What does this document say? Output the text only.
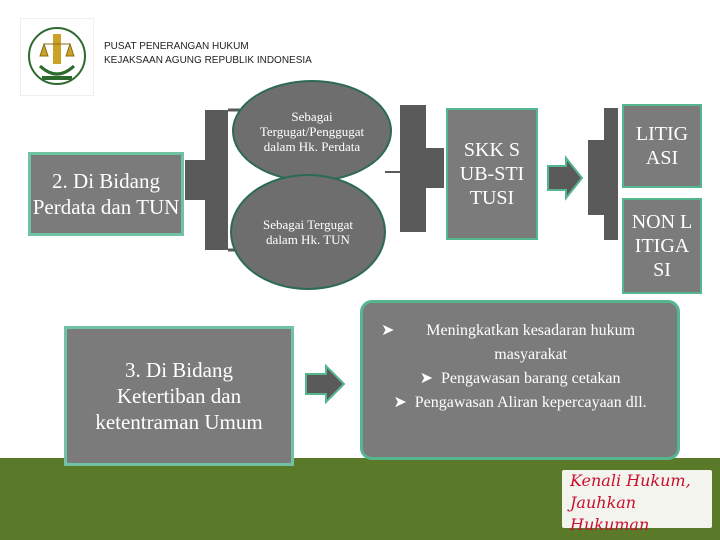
PUSAT PENERANGAN HUKUM
KEJAKSAAN AGUNG REPUBLIK INDONESIA
Kenali Hukum,
Jauhkan Hukuman
2. Di Bidang Perdata dan TUN
3. Di Bidang Ketertiban dan ketentraman Umum
Sebagai Tergugat/Penggugat dalam Hk. Perdata
Sebagai Tergugat dalam Hk. TUN
SKK SUB-STITUSI
LITIGASI
NON LITIGASI
➤	Meningkatkan kesadaran hukum masyarakat
➤ Pengawasan barang cetakan
➤ Pengawasan Aliran kepercayaan dll.
